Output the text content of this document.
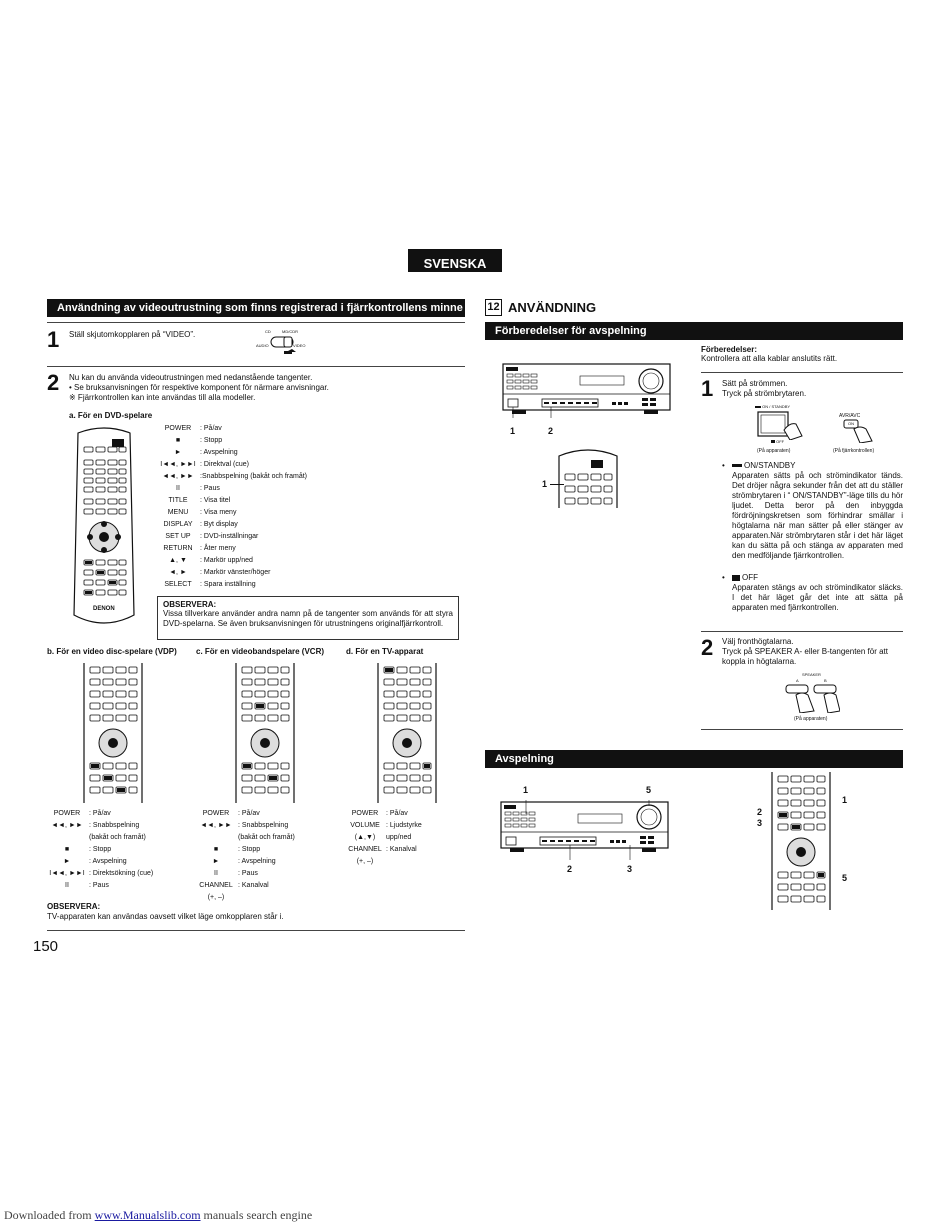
SVENSKA
Användning av videoutrustning som finns registrerad i fjärrkontrollens minne
1 Ställ skjutomkopplaren på “VIDEO”.	CD	MD/CDR
AUDIO	VIDEO
2 Nu kan du använda videoutrustningen med nedanstående tangenter.
• Se bruksanvisningen för respektive komponent för närmare anvisningar.
※ Fjärrkontrollen kan inte användas till alla modeller.
a. För en DVD-spelare
DENON
POWER	: På/av
■	: Stopp
►	: Avspelning
I◄◄, ►►I : Direktval (cue)
◄◄, ►► :Snabbspelning (bakåt och framåt)
II	: Paus
TITLE	: Visa titel
MENU	: Visa meny
DISPLAY	: Byt display
SET UP	: DVD-inställningar
RETURN	: Åter meny
▲, ▼	: Markör upp/ned
◄, ►	: Markör vänster/höger
SELECT	: Spara inställning
OBSERVERA:
Vissa tillverkare använder andra namn på de tangenter som används för att styra DVD-spelarna. Se även bruksanvisningen för utrustningens originalfjärrkontroll.
b. För en video disc-spelare (VDP) c. För en videobandspelare (VCR)	d. För en TV-apparat
POWER	: På/av
◄◄, ►► : Snabbspelning
(bakåt och framåt)
■	: Stopp
►	: Avspelning
I◄◄, ►►I : Direktsökning (cue)
II	: Paus
POWER	: På/av
◄◄, ►► : Snabbspelning
(bakåt och framåt)
■	: Stopp
►	: Avspelning
II	: Paus
CHANNEL : Kanalval
(+, –)
POWER	: På/av
VOLUME : Ljudstyrke
(▲,▼)	upp/ned
CHANNEL : Kanalval
(+, –)
OBSERVERA:
TV-apparaten kan användas oavsett vilket läge omkopplaren står i.
150
12 ANVÄNDNING
Förberedelser för avspelning
1	2
1
Förberedelser:
Kontrollera att alla kablar anslutits rätt.
1 Sätt på strömmen.
Tryck på strömbrytaren.
ON / STANDBY
OFF
(På apparaten)
AVR/AVC
ON
(På fjärrkontrollen)
•	ON/STANDBY
Apparaten sätts på och strömindikator tänds. Det dröjer några sekunder från det att du ställer strömbrytaren i “ ON/STANDBY”-läge tills du hör ljudet. Detta beror på den inbyggda fördröjningskretsen som förhindrar smällar i högtalarna när man sätter på eller stänger av apparaten.När strömbrytaren står i det här läget kan du sätta på och stänga av apparaten med den medföljande fjärrkontrollen.
•	OFF
Apparaten stängs av och strömindikator släcks. I det här läget går det inte att sätta på apparaten med fjärrkontrollen.
2 Välj fronthögtalarna.
Tryck på SPEAKER A- eller B-tangenten för att koppla in högtalarna.
SPEAKER
A	B
(På apparaten)
Avspelning
1	5
2	3
2
3
1
5
Downloaded from www.Manualslib.com manuals search engine
